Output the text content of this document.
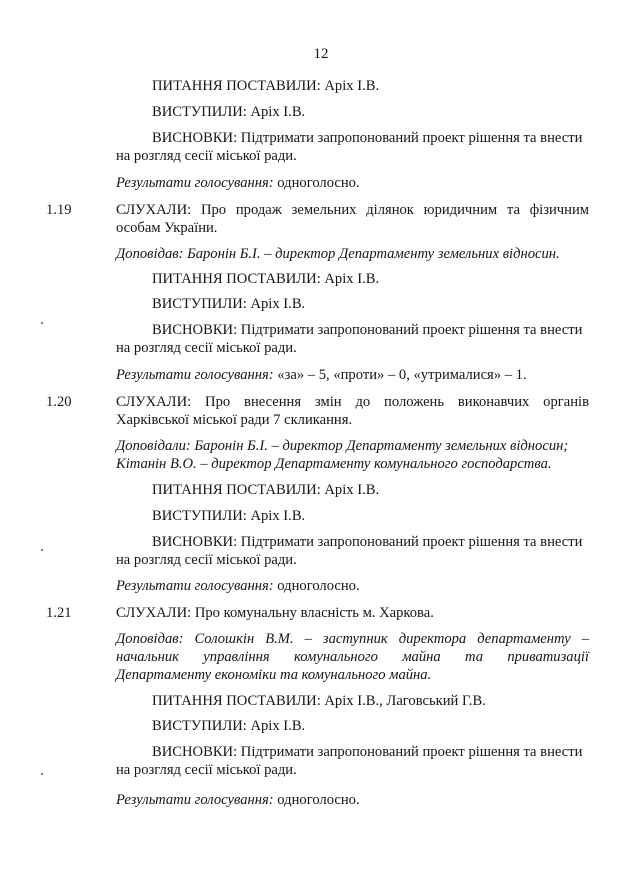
12
ПИТАННЯ ПОСТАВИЛИ: Аріх І.В.
ВИСТУПИЛИ: Аріх І.В.
ВИСНОВКИ: Підтримати запропонований проект рішення та внести
на розгляд сесії міської ради.
Результати голосування: одноголосно.
1.19	СЛУХАЛИ: Про продаж земельних ділянок юридичним та фізичним
особам України.
Доповідав: Баронін Б.І. – директор Департаменту земельних відносин.
ПИТАННЯ ПОСТАВИЛИ: Аріх І.В.
ВИСТУПИЛИ: Аріх І.В.
ВИСНОВКИ: Підтримати запропонований проект рішення та внести
на розгляд сесії міської ради.
Результати голосування: «за» – 5, «проти» – 0, «утрималися» – 1.
1.20	СЛУХАЛИ: Про внесення змін до положень виконавчих органів
Харківської міської ради 7 скликання.
Доповідали: Баронін Б.І. – директор Департаменту земельних відносин;
Кітанін В.О. – директор Департаменту комунального господарства.
ПИТАННЯ ПОСТАВИЛИ: Аріх І.В.
ВИСТУПИЛИ: Аріх І.В.
ВИСНОВКИ: Підтримати запропонований проект рішення та внести
на розгляд сесії міської ради.
Результати голосування: одноголосно.
1.21	СЛУХАЛИ: Про комунальну власність м. Харкова.
Доповідав: Солошкін В.М. – заступник директора департаменту –
начальник управління комунального майна та приватизації
Департаменту економіки та комунального майна.
ПИТАННЯ ПОСТАВИЛИ: Аріх І.В., Лаговський Г.В.
ВИСТУПИЛИ: Аріх І.В.
ВИСНОВКИ: Підтримати запропонований проект рішення та внести
на розгляд сесії міської ради.
Результати голосування: одноголосно.
